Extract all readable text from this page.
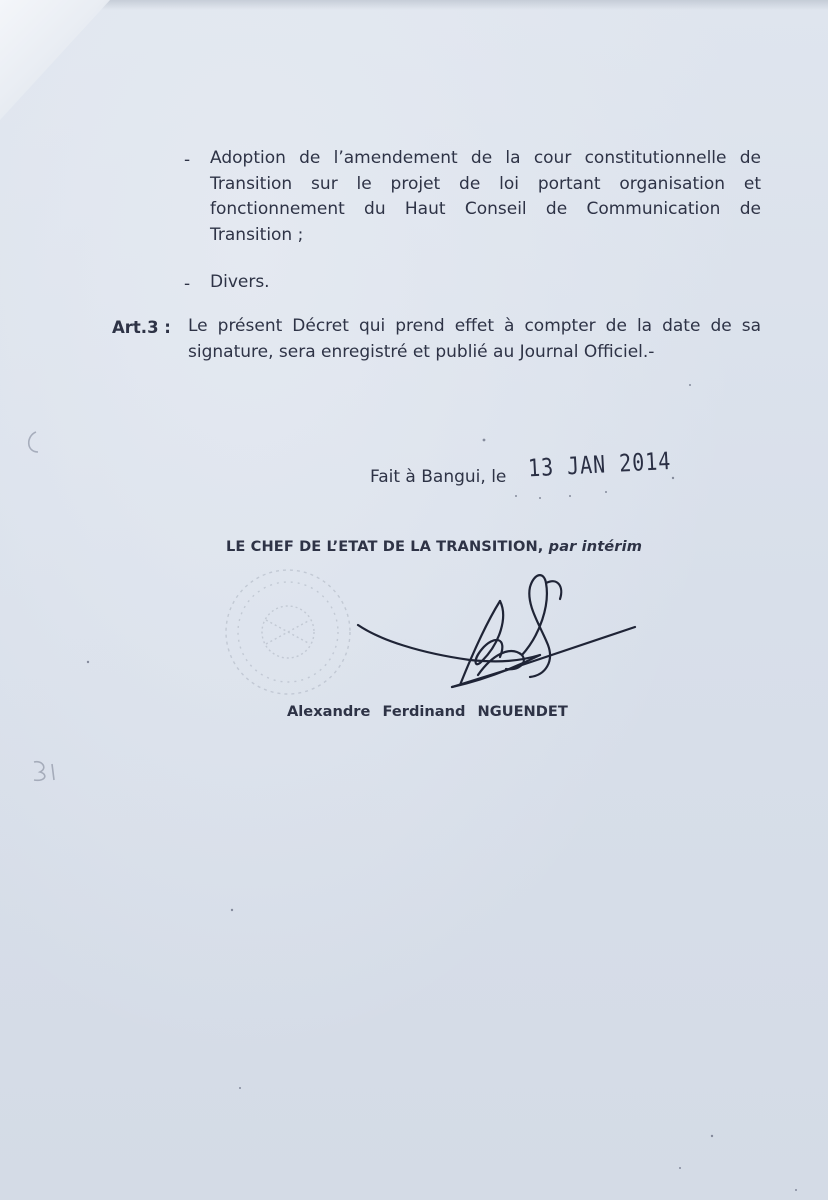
- Adoption de l’amendement de la cour constitutionnelle de
Transition sur le projet de loi portant organisation et
fonctionnement du Haut Conseil de Communication de
Transition ;
- Divers.
Art.3 : Le présent Décret qui prend effet à compter de la date de sa
signature, sera enregistré et publié au Journal Officiel.-
Fait à Bangui, le 13 JAN 2014
LE CHEF DE L’ETAT DE LA TRANSITION, par intérim
Alexandre Ferdinand NGUENDET
